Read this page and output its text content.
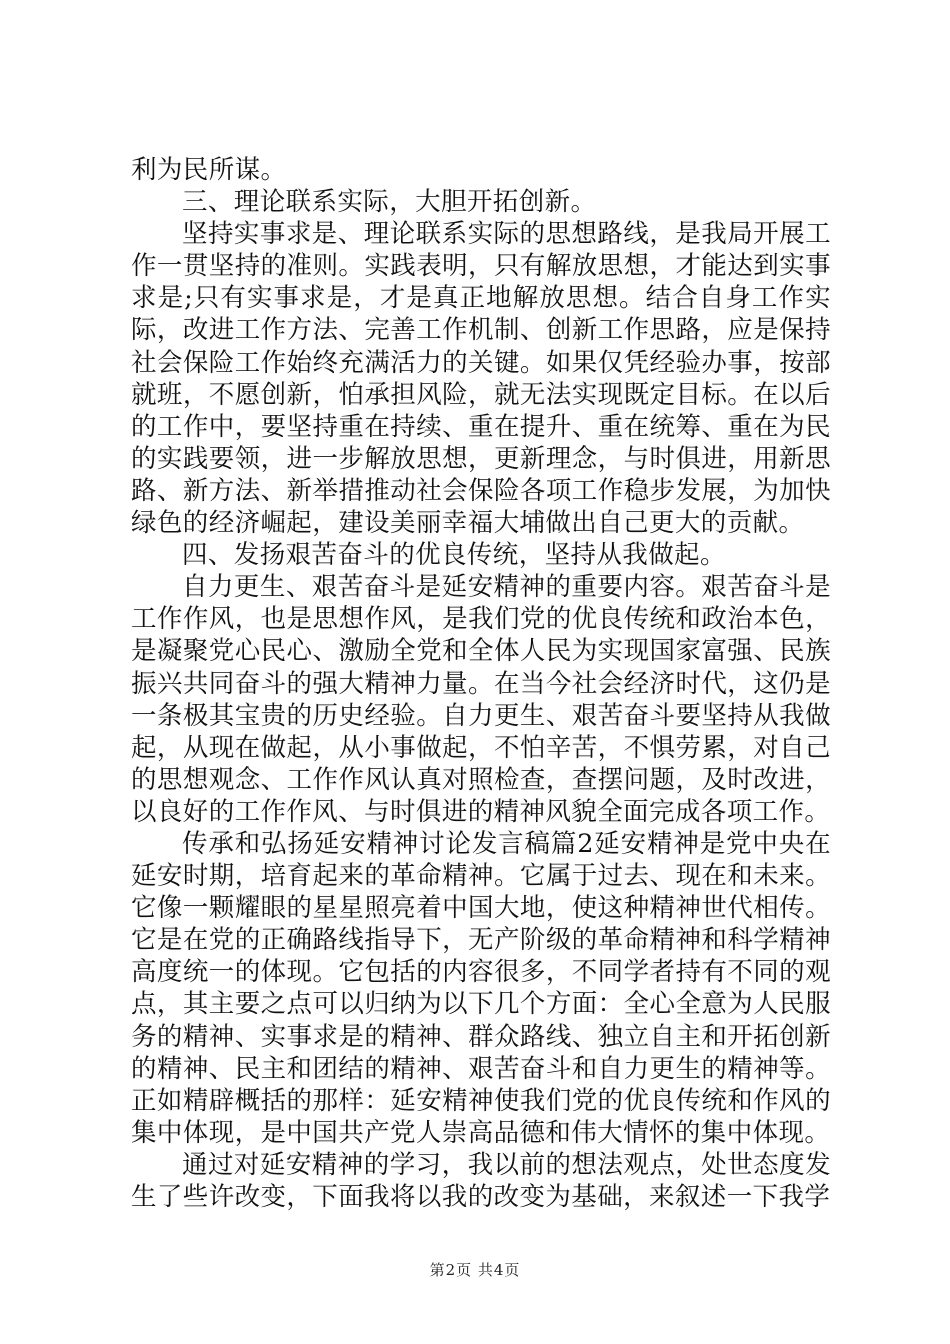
利为民所谋。

三、理论联系实际，大胆开拓创新。

坚持实事求是、理论联系实际的思想路线，是我局开展工作一贯坚持的准则。实践表明，只有解放思想，才能达到实事求是;只有实事求是，才是真正地解放思想。结合自身工作实际，改进工作方法、完善工作机制、创新工作思路，应是保持社会保险工作始终充满活力的关键。如果仅凭经验办事，按部就班，不愿创新，怕承担风险，就无法实现既定目标。在以后的工作中，要坚持重在持续、重在提升、重在统筹、重在为民的实践要领，进一步解放思想，更新理念，与时俱进，用新思路、新方法、新举措推动社会保险各项工作稳步发展，为加快绿色的经济崛起，建设美丽幸福大埔做出自己更大的贡献。

四、发扬艰苦奋斗的优良传统，坚持从我做起。

自力更生、艰苦奋斗是延安精神的重要内容。艰苦奋斗是工作作风，也是思想作风，是我们党的优良传统和政治本色，是凝聚党心民心、激励全党和全体人民为实现国家富强、民族振兴共同奋斗的强大精神力量。在当今社会经济时代，这仍是一条极其宝贵的历史经验。自力更生、艰苦奋斗要坚持从我做起，从现在做起，从小事做起，不怕辛苦，不惧劳累，对自己的思想观念、工作作风认真对照检查，查摆问题，及时改进，以良好的工作作风、与时俱进的精神风貌全面完成各项工作。

传承和弘扬延安精神讨论发言稿篇2延安精神是党中央在延安时期，培育起来的革命精神。它属于过去、现在和未来。它像一颗耀眼的星星照亮着中国大地，使这种精神世代相传。它是在党的正确路线指导下，无产阶级的革命精神和科学精神高度统一的体现。它包括的内容很多，不同学者持有不同的观点，其主要之点可以归纳为以下几个方面：全心全意为人民服务的精神、实事求是的精神、群众路线、独立自主和开拓创新的精神、民主和团结的精神、艰苦奋斗和自力更生的精神等。正如精辟概括的那样：延安精神使我们党的优良传统和作风的集中体现，是中国共产党人崇高品德和伟大情怀的集中体现。

通过对延安精神的学习，我以前的想法观点，处世态度发生了些许改变，下面我将以我的改变为基础，来叙述一下我学

第2页 共4页
